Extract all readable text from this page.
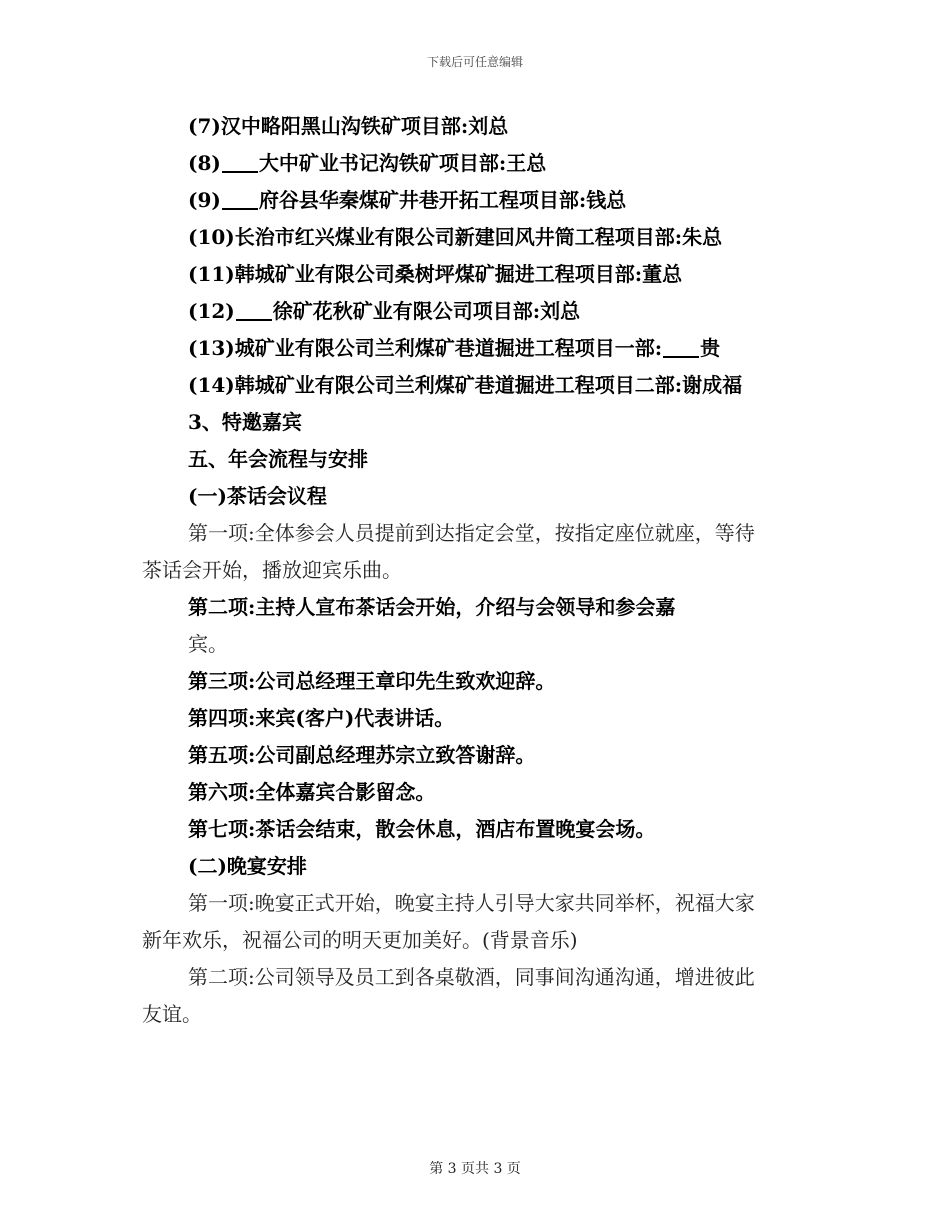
下载后可任意编辑
(7)汉中略阳黑山沟铁矿项目部:刘总
(8) 大中矿业书记沟铁矿项目部:王总
(9) 府谷县华秦煤矿井巷开拓工程项目部:钱总
(10)长治市红兴煤业有限公司新建回风井筒工程项目部:朱总
(11)韩城矿业有限公司桑树坪煤矿掘进工程项目部:董总
(12) 徐矿花秋矿业有限公司项目部:刘总
(13)城矿业有限公司兰利煤矿巷道掘进工程项目一部: 贵
(14)韩城矿业有限公司兰利煤矿巷道掘进工程项目二部:谢成福
3、特邀嘉宾
五、年会流程与安排
(一)茶话会议程
第一项:全体参会人员提前到达指定会堂，按指定座位就座，等待
茶话会开始，播放迎宾乐曲。
第二项:主持人宣布茶话会开始，介绍与会领导和参会嘉
宾。
第三项:公司总经理王章印先生致欢迎辞。
第四项:来宾(客户)代表讲话。
第五项:公司副总经理苏宗立致答谢辞。
第六项:全体嘉宾合影留念。
第七项:茶话会结束，散会休息，酒店布置晚宴会场。
(二)晚宴安排
第一项:晚宴正式开始，晚宴主持人引导大家共同举杯，祝福大家
新年欢乐，祝福公司的明天更加美好。(背景音乐)
第二项:公司领导及员工到各桌敬酒，同事间沟通沟通，增进彼此
友谊。
第 3 页共 3 页
